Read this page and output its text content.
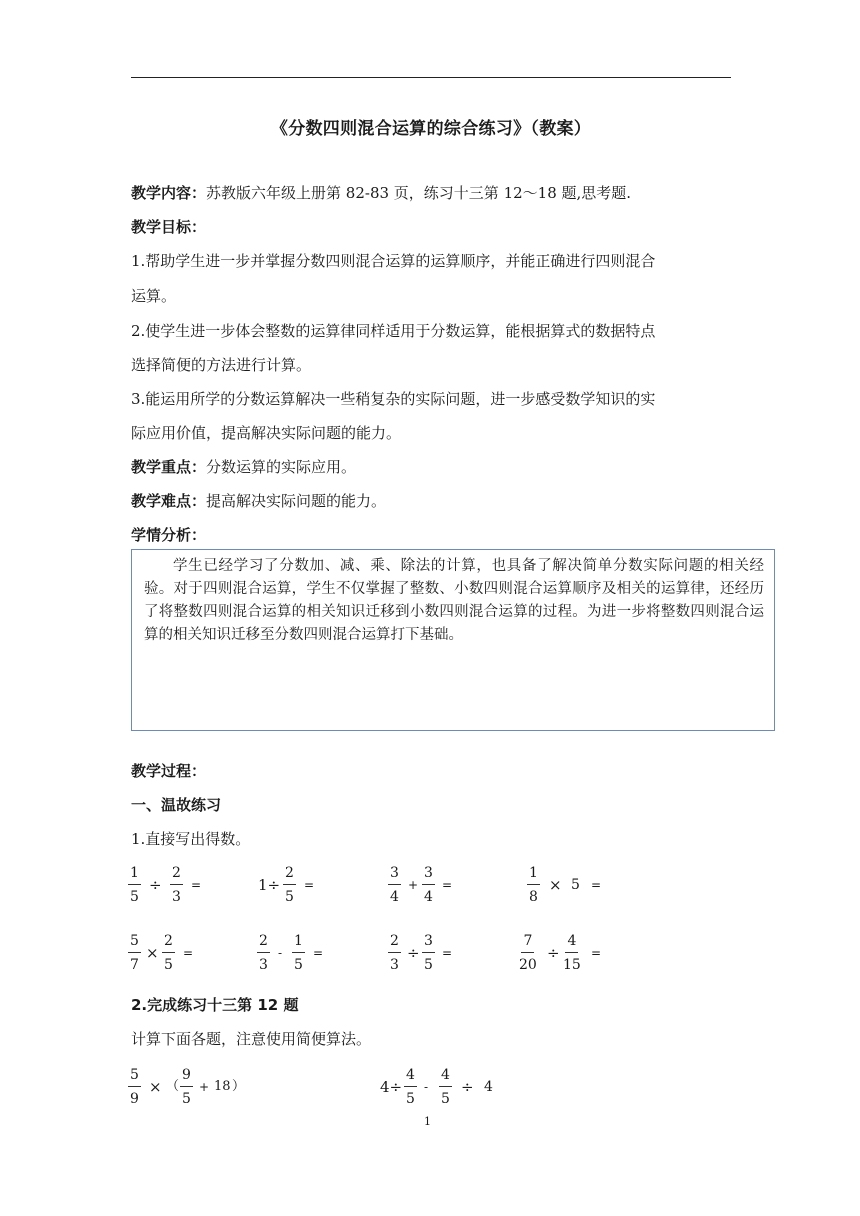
《分数四则混合运算的综合练习》（教案）
教学内容：苏教版六年级上册第 82-83 页，练习十三第 12～18 题,思考题.
教学目标：
1.帮助学生进一步并掌握分数四则混合运算的运算顺序，并能正确进行四则混合
运算。
2.使学生进一步体会整数的运算律同样适用于分数运算，能根据算式的数据特点
选择简便的方法进行计算。
3.能运用所学的分数运算解决一些稍复杂的实际问题，进一步感受数学知识的实
际应用价值，提高解决实际问题的能力。
教学重点：分数运算的实际应用。
教学难点：提高解决实际问题的能力。
学情分析：

学生已经学习了分数加、减、乘、除法的计算，也具备了解决简单分数实际问题的相关经验。对于四则混合运算，学生不仅掌握了整数、小数四则混合运算顺序及相关的运算律，还经历了将整数四则混合运算的相关知识迁移到小数四则混合运算的过程。为进一步将整数四则混合运算的相关知识迁移至分数四则混合运算打下基础。

教学过程：
一、温故练习
1.直接写出得数。
$\frac{1}{5} \div \frac{2}{3}$ =	$1\div \frac{2}{5}$ =	$\frac{3}{4} + \frac{3}{4}$ =	$\frac{1}{8} \times 5$ =
$\frac{5}{7} \times \frac{2}{5}$ =	$\frac{2}{3} - \frac{1}{5}$ =	$\frac{2}{3} \div \frac{3}{5}$ =	$\frac{7}{20} \div \frac{4}{15}$ =
2.完成练习十三第 12 题
计算下面各题，注意使用简便算法。
$\frac{5}{9}$ × （ $\frac{9}{5} + 18$ ）	$4\div \frac{4}{5} - \frac{4}{5} \div 4$
1
